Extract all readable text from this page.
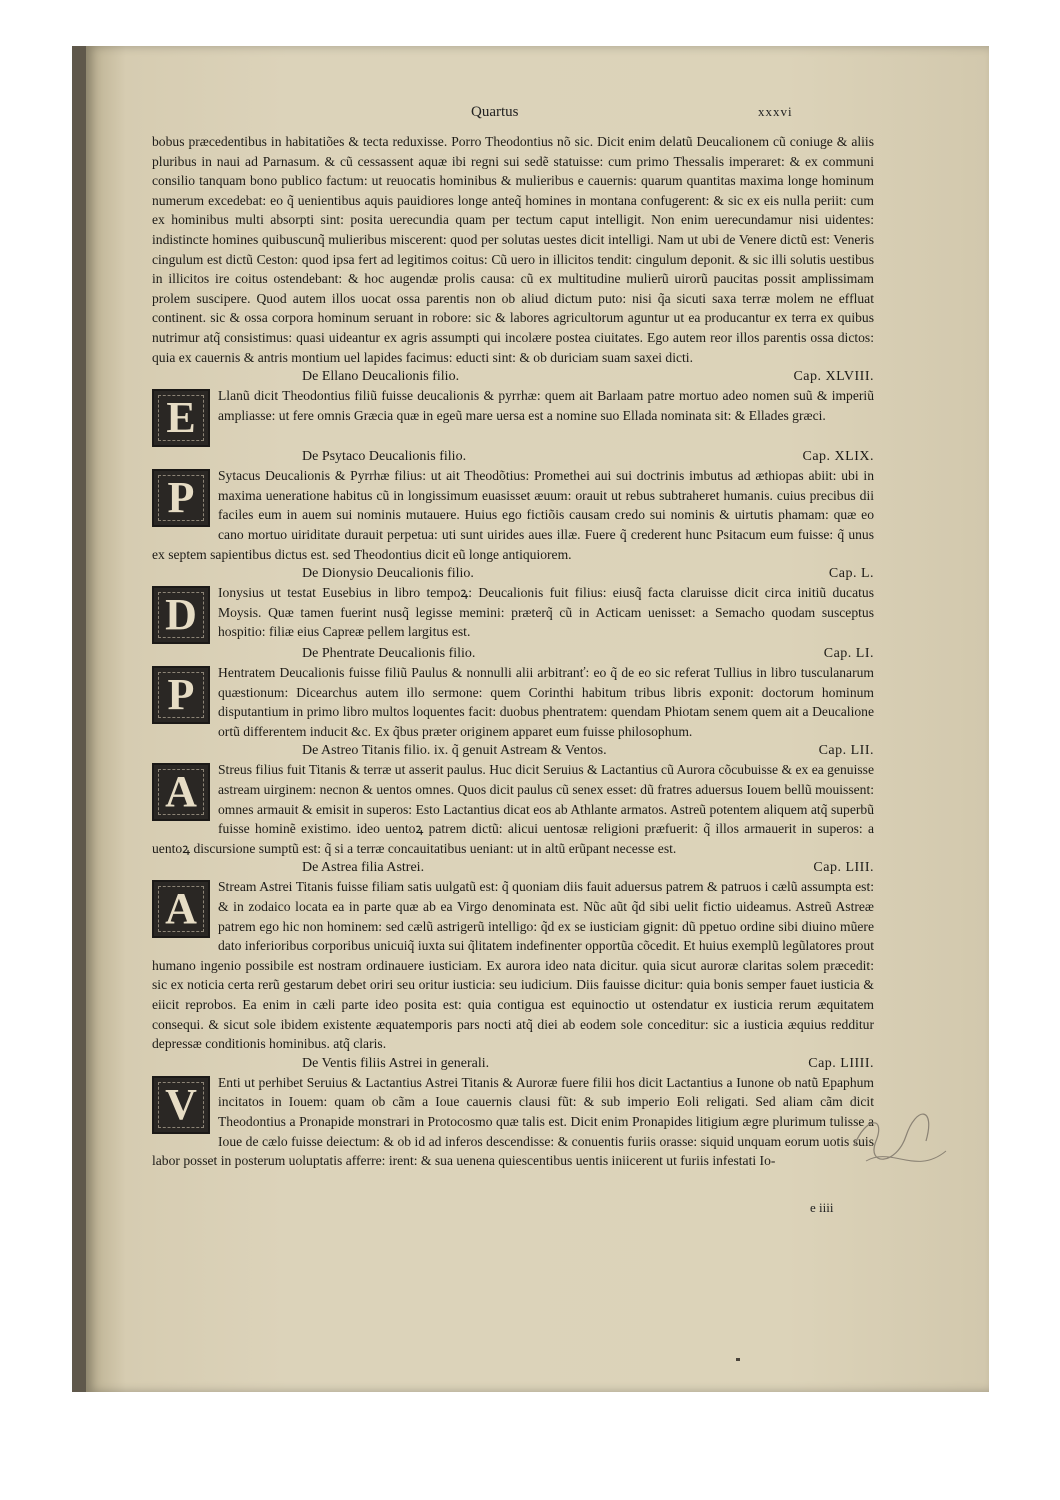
Quartus	xxxvi

bobus præcedentibus in habitatiões & tecta reduxisse. Porro Theodontius nõ sic. Dicit enim delatũ Deucalionem cũ coniuge & aliis pluribus in naui ad Parnasum. & cũ cessassent aquæ ibi regni sui sedẽ statuisse: cum primo Thessalis imperaret: & ex communi consilio tanquam bono publico factum: ut reuocatis hominibus & mulieribus e cauernis: quarum quantitas maxima longe hominum numerum excedebat: eo q̃ uenientibus aquis pauidiores longe anteq̃ homines in montana confugerent: & sic ex eis nulla periit: cum ex hominibus multi absorpti sint: posita uerecundia quam per tectum caput intelligit. Non enim uerecundamur nisi uidentes: indistincte homines quibuscunq̃ mulieribus miscerent: quod per solutas uestes dicit intelligi. Nam ut ubi de Venere dictũ est: Veneris cingulum est dictũ Ceston: quod ipsa fert ad legitimos coitus: Cũ uero in illicitos tendit: cingulum deponit. & sic illi solutis uestibus in illicitos ire coitus ostendebant: & hoc augendæ prolis causa: cũ ex multitudine mulierũ uirorũ paucitas possit amplissimam prolem suscipere. Quod autem illos uocat ossa parentis non ob aliud dictum puto: nisi q̃a sicuti saxa terræ molem ne effluat continent. sic & ossa corpora hominum seruant in robore: sic & labores agricultorum aguntur ut ea producantur ex terra ex quibus nutrimur atq̃ consistimus: quasi uideantur ex agris assumpti qui incolære postea ciuitates. Ego autem reor illos parentis ossa dictos: quia ex cauernis & antris montium uel lapides facimus: educti sint: & ob duriciam suam saxei dicti.

De Ellano Deucalionis filio.	Cap. XLVIII.
E	Llanũ dicit Theodontius filiũ fuisse deucalionis & pyrrhæ: quem ait Barlaam patre mortuo adeo nomen suũ & imperiũ ampliasse: ut fere omnis Græcia quæ in egeũ mare uersa est a nomine suo Ellada nominata sit: & Ellades græci.

De Psytaco Deucalionis filio.	Cap. XLIX.
P	Sytacus Deucalionis & Pyrrhæ filius: ut ait Theodõtius: Promethei aui sui doctrinis imbutus ad æthiopas abiit: ubi in maxima ueneratione habitus cũ in longissimum euasisset æuum: orauit ut rebus subtraheret humanis. cuius precibus dii faciles eum in auem sui nominis mutauere. Huius ego fictiõis causam credo sui nominis & uirtutis phamam: quæ eo cano mortuo uiriditate durauit perpetua: uti sunt uirides aues illæ. Fuere q̃ crederent hunc Psitacum eum fuisse: q̃ unus ex septem sapientibus dictus est. sed Theodontius dicit eũ longe antiquiorem.

De Dionysio Deucalionis filio.	Cap. L.
D	Ionysius ut testat Eusebius in libro tempoꝝ: Deucalionis fuit filius: eiusq̃ facta claruisse dicit circa initiũ ducatus Moysis. Quæ tamen fuerint nusq̃ legisse memini: præterq̃ cũ in Acticam uenisset: a Semacho quodam susceptus hospitio: filiæ eius Capreæ pellem largitus est.

De Phentrate Deucalionis filio.	Cap. LI.
P	Hentratem Deucalionis fuisse filiũ Paulus & nonnulli alii arbitranť: eo q̃ de eo sic referat Tullius in libro tusculanarum quæstionum: Dicearchus autem illo sermone: quem Corinthi habitum tribus libris exponit: doctorum hominum disputantium in primo libro multos loquentes facit: duobus phentratem: quendam Phiotam senem quem ait a Deucalione ortũ differentem inducit &c. Ex q̃bus præter originem apparet eum fuisse philosophum.

De Astreo Titanis filio. ix. q̃ genuit Astream & Ventos.	Cap. LII.
A	Streus filius fuit Titanis & terræ ut asserit paulus. Huc dicit Seruius & Lactantius cũ Aurora cõcubuisse & ex ea genuisse astream uirginem: necnon & uentos omnes. Quos dicit paulus cũ senex esset: dũ fratres aduersus Iouem bellũ mouissent: omnes armauit & emisit in superos: Esto Lactantius dicat eos ab Athlante armatos. Astreũ potentem aliquem atq̃ superbũ fuisse hominẽ existimo. ideo uentoꝝ patrem dictũ: alicui uentosæ religioni præfuerit: q̃ illos armauerit in superos: a uentoꝝ discursione sumptũ est: q̃ si a terræ concauitatibus ueniant: ut in altũ erũpant necesse est.

De Astrea filia Astrei.	Cap. LIII.
A	Stream Astrei Titanis fuisse filiam satis uulgatũ est: q̃ quoniam diis fauit aduersus patrem & patruos i cælũ assumpta est: & in zodaico locata ea in parte quæ ab ea Virgo denominata est. Nũc aũt q̃d sibi uelit fictio uideamus. Astreũ Astreæ patrem ego hic non hominem: sed cælũ astrigerũ intelligo: q̃d ex se iusticiam gignit: dũ ppetuo ordine sibi diuino mũere dato inferioribus corporibus unicuiq̃ iuxta sui q̃litatem indefinenter opportũa cõcedit. Et huius exemplũ legũlatores prout humano ingenio possibile est nostram ordinauere iusticiam. Ex aurora ideo nata dicitur. quia sicut auroræ claritas solem præcedit: sic ex noticia certa rerũ gestarum debet oriri seu oritur iusticia: seu iudicium. Diis fauisse dicitur: quia bonis semper fauet iusticia & eiicit reprobos. Ea enim in cæli parte ideo posita est: quia contigua est equinoctio ut ostendatur ex iusticia rerum æquitatem consequi. & sicut sole ibidem existente æquatemporis pars nocti atq̃ diei ab eodem sole conceditur: sic a iusticia æquius redditur depressæ conditionis hominibus. atq̃ claris.

De Ventis filiis Astrei in generali.	Cap. LIIII.
V	Enti ut perhibet Seruius & Lactantius Astrei Titanis & Auroræ fuere filii hos dicit Lactantius a Iunone ob natũ Epaphum incitatos in Iouem: quam ob cãm a Ioue cauernis clausi fũt: & sub imperio Eoli religati. Sed aliam cãm dicit Theodontius a Pronapide monstrari in Protocosmo quæ talis est. Dicit enim Pronapides litigium ægre plurimum tulisse a Ioue de cælo fuisse deiectum: & ob id ad inferos descendisse: & conuentis furiis orasse: siquid unquam eorum uotis suis labor posset in posterum uoluptatis afferre: irent: & sua uenena quiescentibus uentis iniicerent ut furiis infestati Io-

e iiii
